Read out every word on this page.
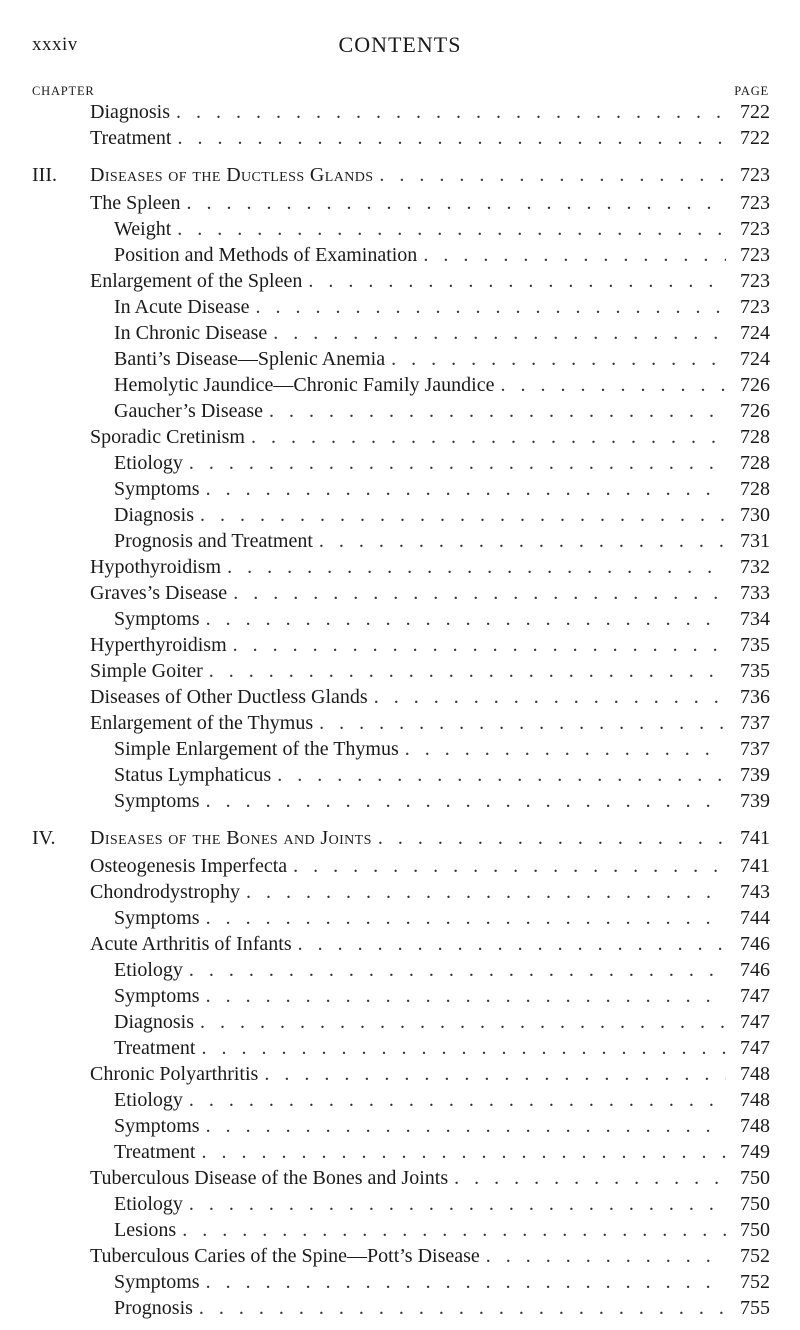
xxxiv	CONTENTS
CHAPTER	PAGE
Diagnosis . . .	722
Treatment . . .	722
III.	Diseases of the Ductless Glands . . .	723
The Spleen . . .	723
Weight . . .	723
Position and Methods of Examination . . .	723
Enlargement of the Spleen . . .	723
In Acute Disease . . .	723
In Chronic Disease . . .	724
Banti’s Disease—Splenic Anemia . . .	724
Hemolytic Jaundice—Chronic Family Jaundice . . .	726
Gaucher’s Disease . . .	726
Sporadic Cretinism . . .	728
Etiology . . .	728
Symptoms . . .	728
Diagnosis . . .	730
Prognosis and Treatment . . .	731
Hypothyroidism . . .	732
Graves’s Disease . . .	733
Symptoms . . .	734
Hyperthyroidism . . .	735
Simple Goiter . . .	735
Diseases of Other Ductless Glands . . .	736
Enlargement of the Thymus . . .	737
Simple Enlargement of the Thymus . . .	737
Status Lymphaticus . . .	739
Symptoms . . .	739
IV.	Diseases of the Bones and Joints . . .	741
Osteogenesis Imperfecta . . .	741
Chondrodystrophy . . .	743
Symptoms . . .	744
Acute Arthritis of Infants . . .	746
Etiology . . .	746
Symptoms . . .	747
Diagnosis . . .	747
Treatment . . .	747
Chronic Polyarthritis . . .	748
Etiology . . .	748
Symptoms . . .	748
Treatment . . .	749
Tuberculous Disease of the Bones and Joints . . .	750
Etiology . . .	750
Lesions . . .	750
Tuberculous Caries of the Spine—Pott’s Disease . . .	752
Symptoms . . .	752
Prognosis . . .	755
